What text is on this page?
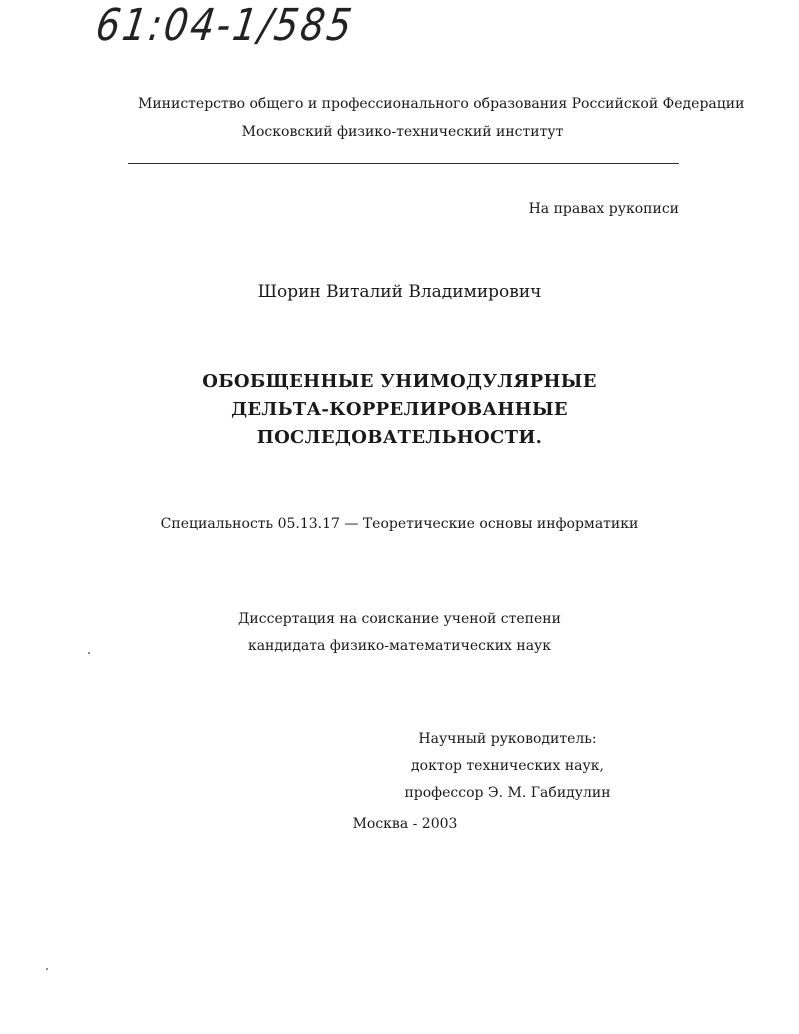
61:04-1/585
Министерство общего и профессионального образования Российской Федерации
Московский физико-технический институт
На правах рукописи
Шорин Виталий Владимирович
ОБОБЩЕННЫЕ УНИМОДУЛЯРНЫЕ
ДЕЛЬТА-КОРРЕЛИРОВАННЫЕ
ПОСЛЕДОВАТЕЛЬНОСТИ.
Специальность 05.13.17 — Теоретические основы информатики
Диссертация на соискание ученой степени
кандидата физико-математических наук
Научный руководитель:
доктор технических наук,
профессор Э. М. Габидулин
Москва - 2003
